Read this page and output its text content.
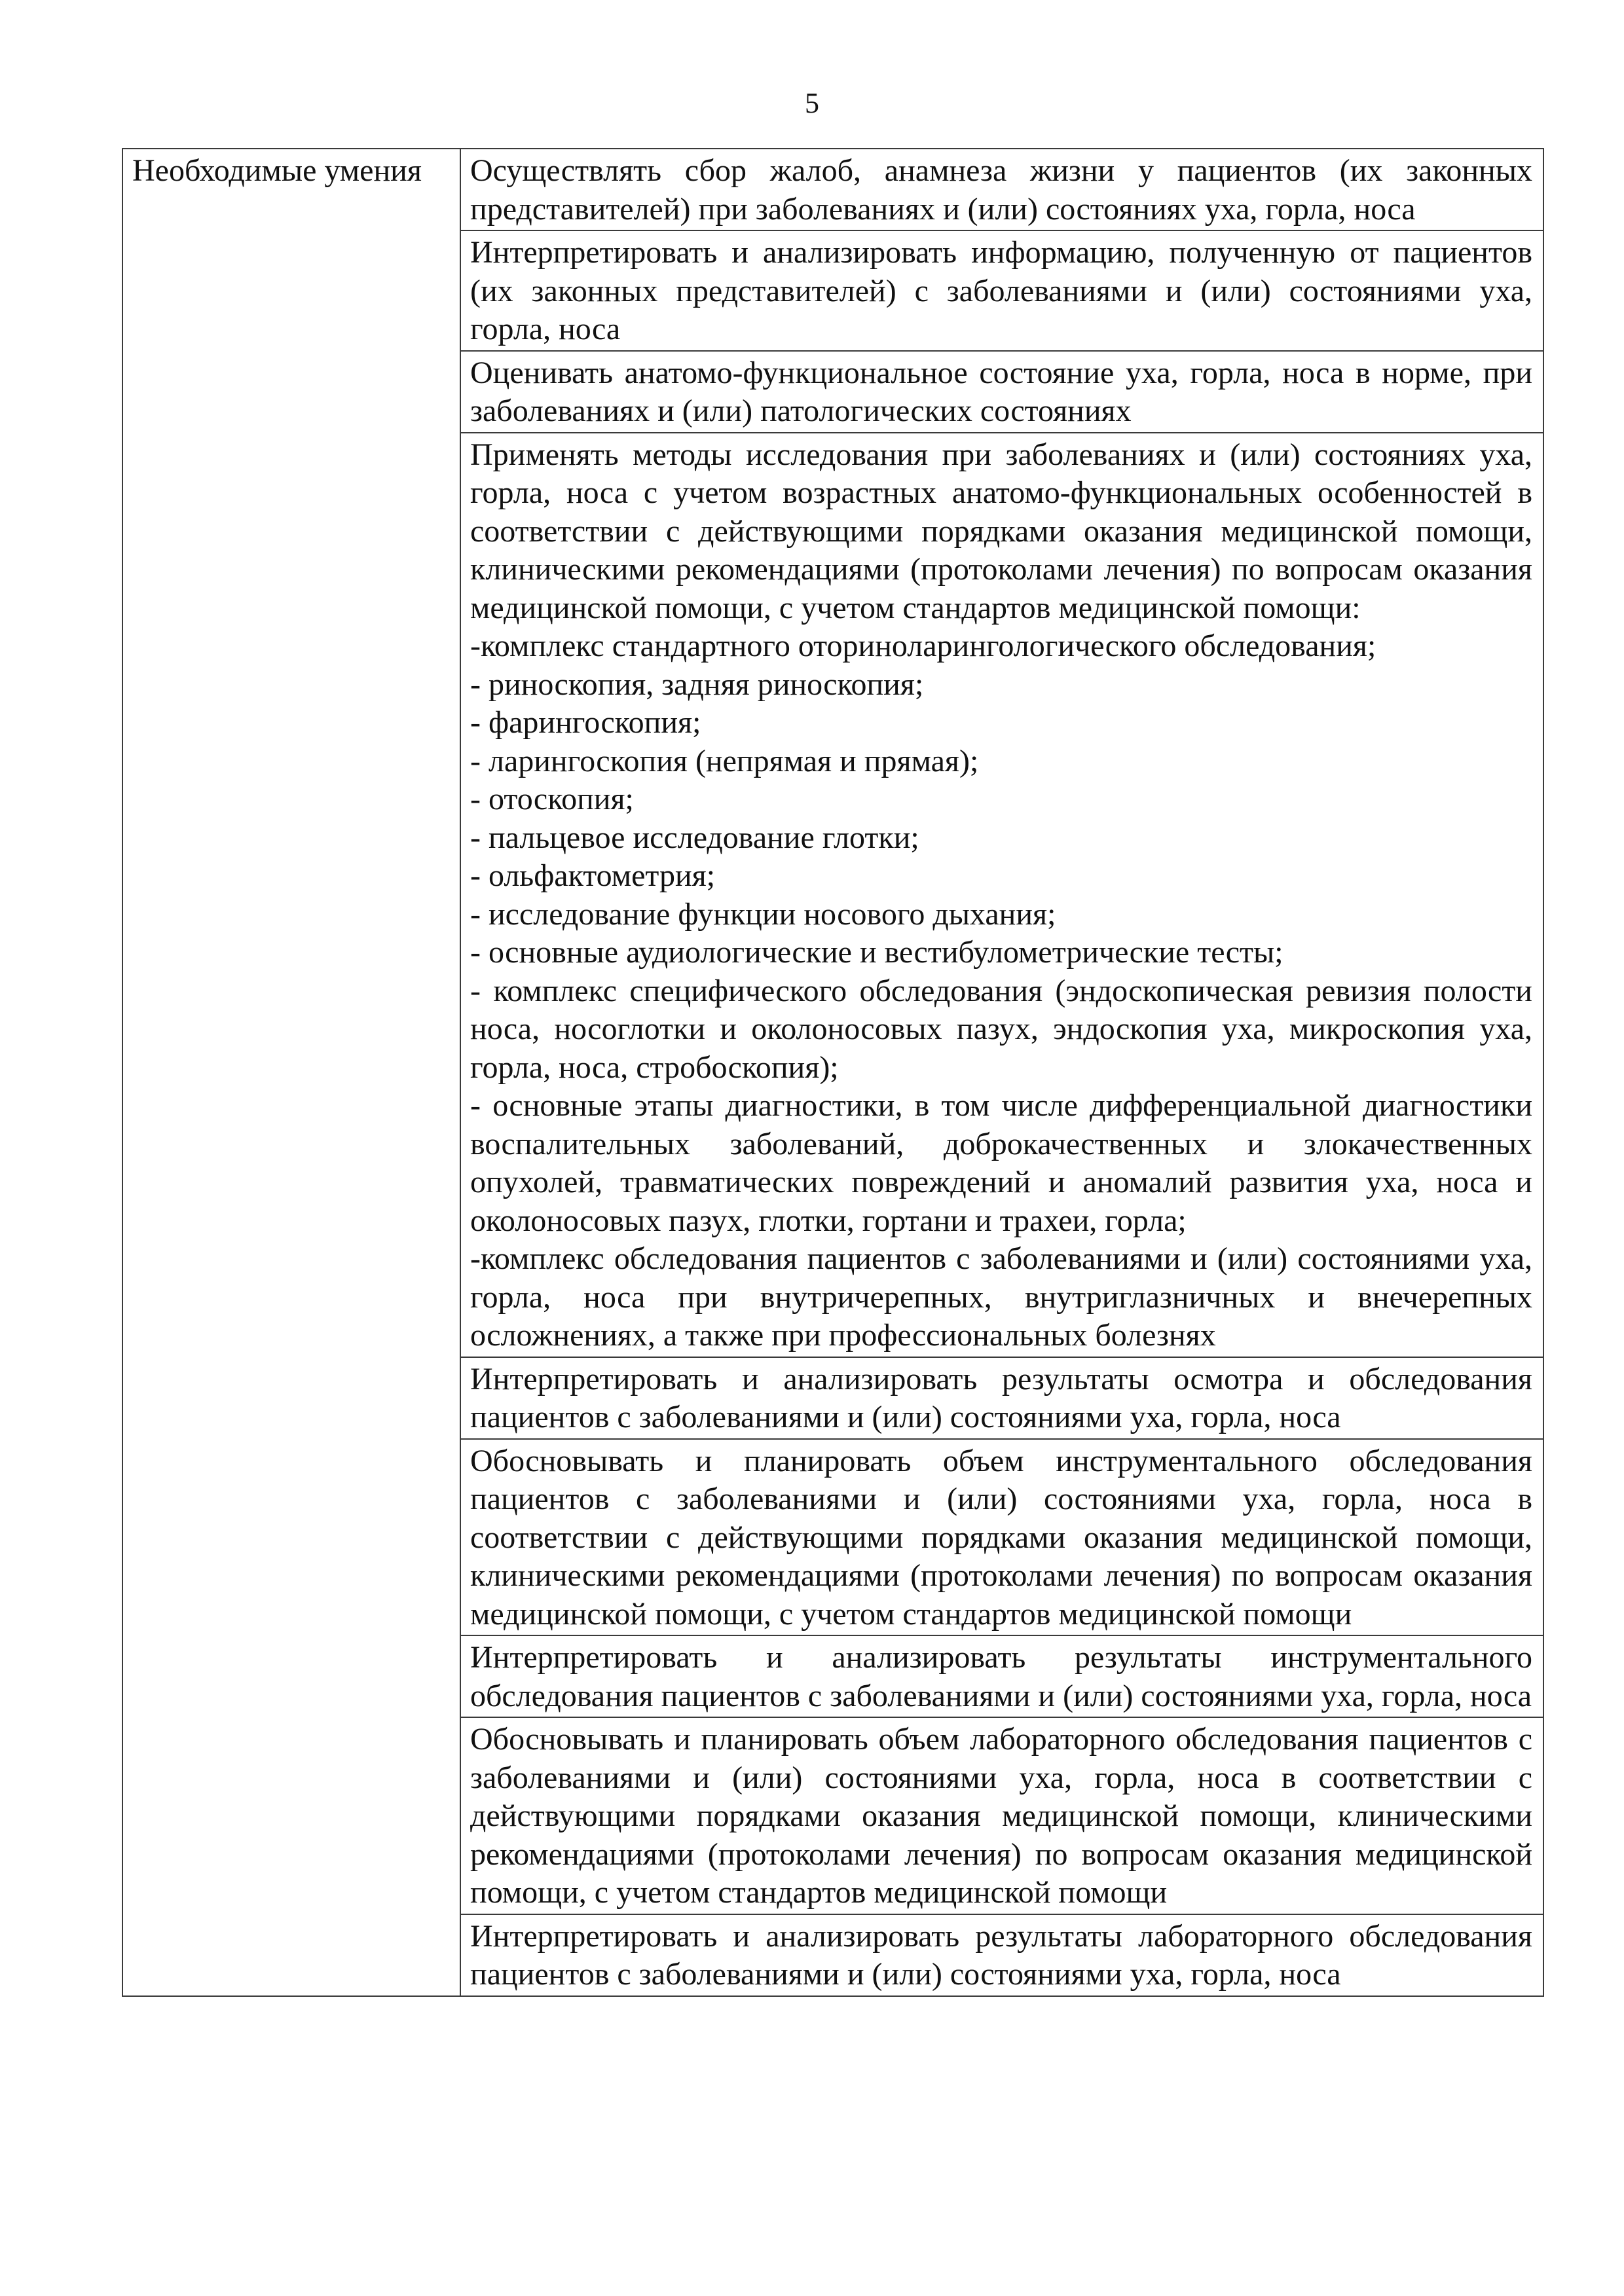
5
Необходимые умения	Осуществлять сбор жалоб, анамнеза жизни у пациентов (их законных представителей) при заболеваниях и (или) состояниях уха, горла, носа

Интерпретировать и анализировать информацию, полученную от пациентов (их законных представителей) с заболеваниями и (или) состояниями уха, горла, носа

Оценивать анатомо-функциональное состояние уха, горла, носа в норме, при заболеваниях и (или) патологических состояниях

Применять методы исследования при заболеваниях и (или) состояниях уха, горла, носа с учетом возрастных анатомо-функциональных особенностей в соответствии с действующими порядками оказания медицинской помощи, клиническими рекомендациями (протоколами лечения) по вопросам оказания медицинской помощи, с учетом стандартов медицинской помощи:
-комплекс стандартного оториноларингологического обследования;
- риноскопия, задняя риноскопия;
- фарингоскопия;
- ларингоскопия (непрямая и прямая);
- отоскопия;
- пальцевое исследование глотки;
- ольфактометрия;
- исследование функции носового дыхания;
- основные аудиологические и вестибулометрические тесты;
- комплекс специфического обследования (эндоскопическая ревизия полости носа, носоглотки и околоносовых пазух, эндоскопия уха, микроскопия уха, горла, носа, стробоскопия);
- основные этапы диагностики, в том числе дифференциальной диагностики воспалительных заболеваний, доброкачественных и злокачественных опухолей, травматических повреждений и аномалий развития уха, носа и околоносовых пазух, глотки, гортани и трахеи, горла;
-комплекс обследования пациентов с заболеваниями и (или) состояниями уха, горла, носа при внутричерепных, внутриглазничных и внечерепных осложнениях, а также при профессиональных болезнях

Интерпретировать и анализировать результаты осмотра и обследования пациентов с заболеваниями и (или) состояниями уха, горла, носа

Обосновывать и планировать объем инструментального обследования пациентов с заболеваниями и (или) состояниями уха, горла, носа в соответствии с действующими порядками оказания медицинской помощи, клиническими рекомендациями (протоколами лечения) по вопросам оказания медицинской помощи, с учетом стандартов медицинской помощи

Интерпретировать и анализировать результаты инструментального обследования пациентов с заболеваниями и (или) состояниями уха, горла, носа

Обосновывать и планировать объем лабораторного обследования пациентов с заболеваниями и (или) состояниями уха, горла, носа в соответствии с действующими порядками оказания медицинской помощи, клиническими рекомендациями (протоколами лечения) по вопросам оказания медицинской помощи, с учетом стандартов медицинской помощи

Интерпретировать и анализировать результаты лабораторного обследования пациентов с заболеваниями и (или) состояниями уха, горла, носа
